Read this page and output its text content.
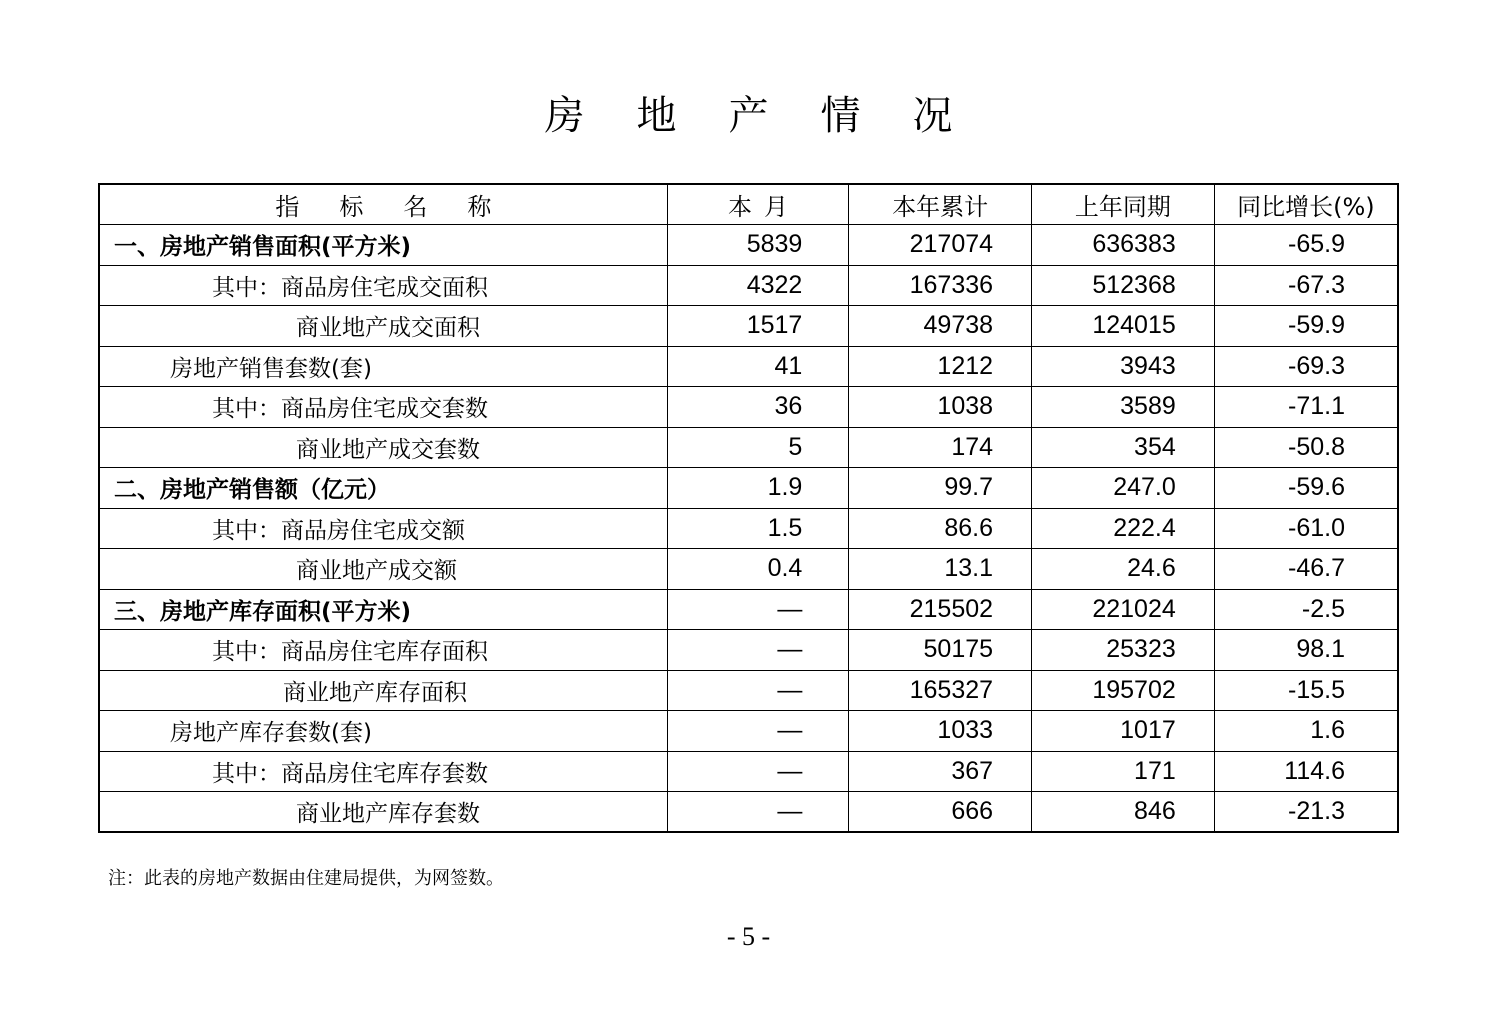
房地产情况
指标名称	本月	本年累计	上年同期	同比增长(%)
一、房地产销售面积(平方米)	5839	217074	636383	-65.9
其中：商品房住宅成交面积	4322	167336	512368	-67.3
商业地产成交面积	1517	49738	124015	-59.9
房地产销售套数(套)	41	1212	3943	-69.3
其中：商品房住宅成交套数	36	1038	3589	-71.1
商业地产成交套数	5	174	354	-50.8
二、房地产销售额（亿元）	1.9	99.7	247.0	-59.6
其中：商品房住宅成交额	1.5	86.6	222.4	-61.0
商业地产成交额	0.4	13.1	24.6	-46.7
三、房地产库存面积(平方米)	—	215502	221024	-2.5
其中：商品房住宅库存面积	—	50175	25323	98.1
商业地产库存面积	—	165327	195702	-15.5
房地产库存套数(套)	—	1033	1017	1.6
其中：商品房住宅库存套数	—	367	171	114.6
商业地产库存套数	—	666	846	-21.3
注：此表的房地产数据由住建局提供，为网签数。
- 5 -
